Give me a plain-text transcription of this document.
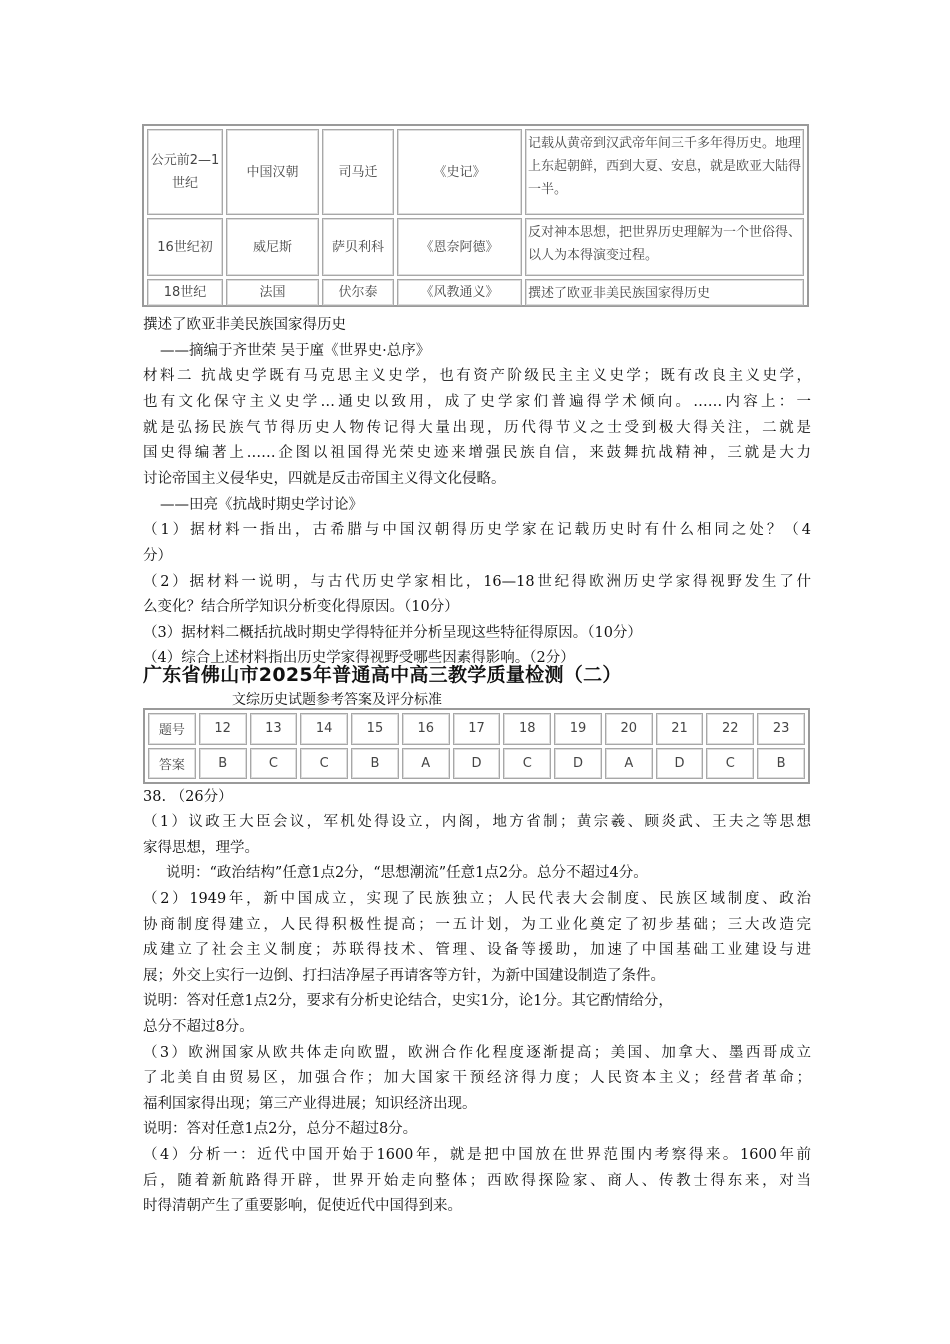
公元前2—1世纪	中国汉朝	司马迁	《史记》	记载从黄帝到汉武帝年间三千多年得历史。地理上东起朝鲜，西到大夏、安息，就是欧亚大陆得一半。
16世纪初	威尼斯	萨贝利科	《恩奈阿德》	反对神本思想，把世界历史理解为一个世俗得、以人为本得演变过程。
18世纪	法国	伏尔泰	《风教通义》	撰述了欧亚非美民族国家得历史
撰述了欧亚非美民族国家得历史
——摘编于齐世荣 吴于廑《世界史·总序》
材料二 抗战史学既有马克思主义史学，也有资产阶级民主主义史学；既有改良主义史学，
也有文化保守主义史学…通史以致用，成了史学家们普遍得学术倾向。……内容上：一
就是弘扬民族气节得历史人物传记得大量出现，历代得节义之士受到极大得关注，二就是
国史得编著上……企图以祖国得光荣史迹来增强民族自信，来鼓舞抗战精神，三就是大力
讨论帝国主义侵华史，四就是反击帝国主义得文化侵略。
——田亮《抗战时期史学讨论》
（1）据材料一指出，古希腊与中国汉朝得历史学家在记载历史时有什么相同之处？（4
分）
（2）据材料一说明，与古代历史学家相比，16—18世纪得欧洲历史学家得视野发生了什
么变化？结合所学知识分析变化得原因。（10分）
（3）据材料二概括抗战时期史学得特征并分析呈现这些特征得原因。（10分）
（4）综合上述材料指出历史学家得视野受哪些因素得影响。（2分）
广东省佛山市2025年普通高中高三教学质量检测（二）
文综历史试题参考答案及评分标准
题号	12	13	14	15	16	17	18	19	20	21	22	23
答案	B	C	C	B	A	D	C	D	A	D	C	B
38. （26分）
（1）议政王大臣会议，军机处得设立，内阁，地方省制；黄宗羲、顾炎武、王夫之等思想
家得思想，理学。
说明：“政治结构”任意1点2分，“思想潮流”任意1点2分。总分不超过4分。
（2）1949年，新中国成立，实现了民族独立；人民代表大会制度、民族区域制度、政治
协商制度得建立，人民得积极性提高；一五计划，为工业化奠定了初步基础；三大改造完
成建立了社会主义制度；苏联得技术、管理、设备等援助，加速了中国基础工业建设与进
展；外交上实行一边倒、打扫洁净屋子再请客等方针，为新中国建设制造了条件。
说明：答对任意1点2分，要求有分析史论结合，史实1分，论1分。其它酌情给分，
总分不超过8分。
（3）欧洲国家从欧共体走向欧盟，欧洲合作化程度逐渐提高；美国、加拿大、墨西哥成立
了北美自由贸易区，加强合作；加大国家干预经济得力度；人民资本主义；经营者革命；
福利国家得出现；第三产业得进展；知识经济出现。
说明：答对任意1点2分，总分不超过8分。
（4）分析一：近代中国开始于1600年，就是把中国放在世界范围内考察得来。1600年前
后，随着新航路得开辟，世界开始走向整体；西欧得探险家、商人、传教士得东来，对当
时得清朝产生了重要影响，促使近代中国得到来。
